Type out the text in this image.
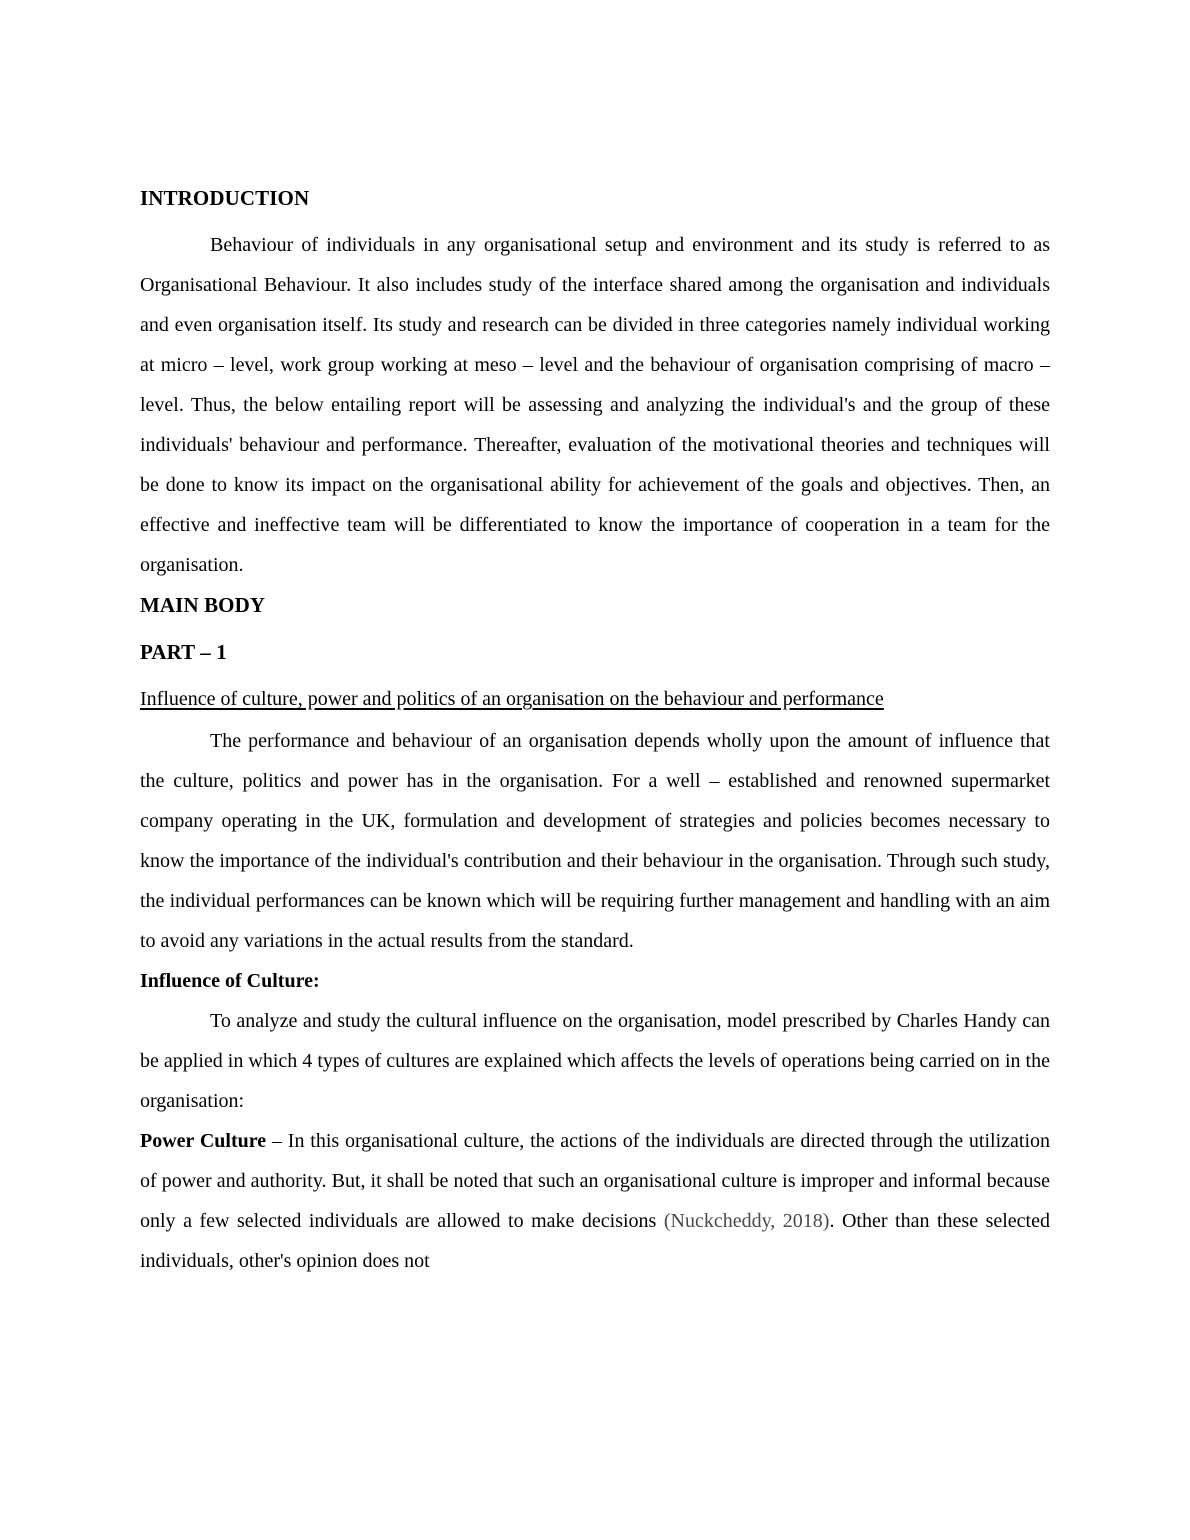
INTRODUCTION

Behaviour of individuals in any organisational setup and environment and its study is referred to as Organisational Behaviour. It also includes study of the interface shared among the organisation and individuals and even organisation itself. Its study and research can be divided in three categories namely individual working at micro – level, work group working at meso – level and the behaviour of organisation comprising of macro – level. Thus, the below entailing report will be assessing and analyzing the individual's and the group of these individuals' behaviour and performance. Thereafter, evaluation of the motivational theories and techniques will be done to know its impact on the organisational ability for achievement of the goals and objectives. Then, an effective and ineffective team will be differentiated to know the importance of cooperation in a team for the organisation.

MAIN BODY
PART – 1
Influence of culture, power and politics of an organisation on the behaviour and performance

The performance and behaviour of an organisation depends wholly upon the amount of influence that the culture, politics and power has in the organisation. For a well – established and renowned supermarket company operating in the UK, formulation and development of strategies and policies becomes necessary to know the importance of the individual's contribution and their behaviour in the organisation. Through such study, the individual performances can be known which will be requiring further management and handling with an aim to avoid any variations in the actual results from the standard.

Influence of Culture:

To analyze and study the cultural influence on the organisation, model prescribed by Charles Handy can be applied in which 4 types of cultures are explained which affects the levels of operations being carried on in the organisation:

Power Culture – In this organisational culture, the actions of the individuals are directed through the utilization of power and authority. But, it shall be noted that such an organisational culture is improper and informal because only a few selected individuals are allowed to make decisions (Nuckcheddy, 2018). Other than these selected individuals, other's opinion does not
